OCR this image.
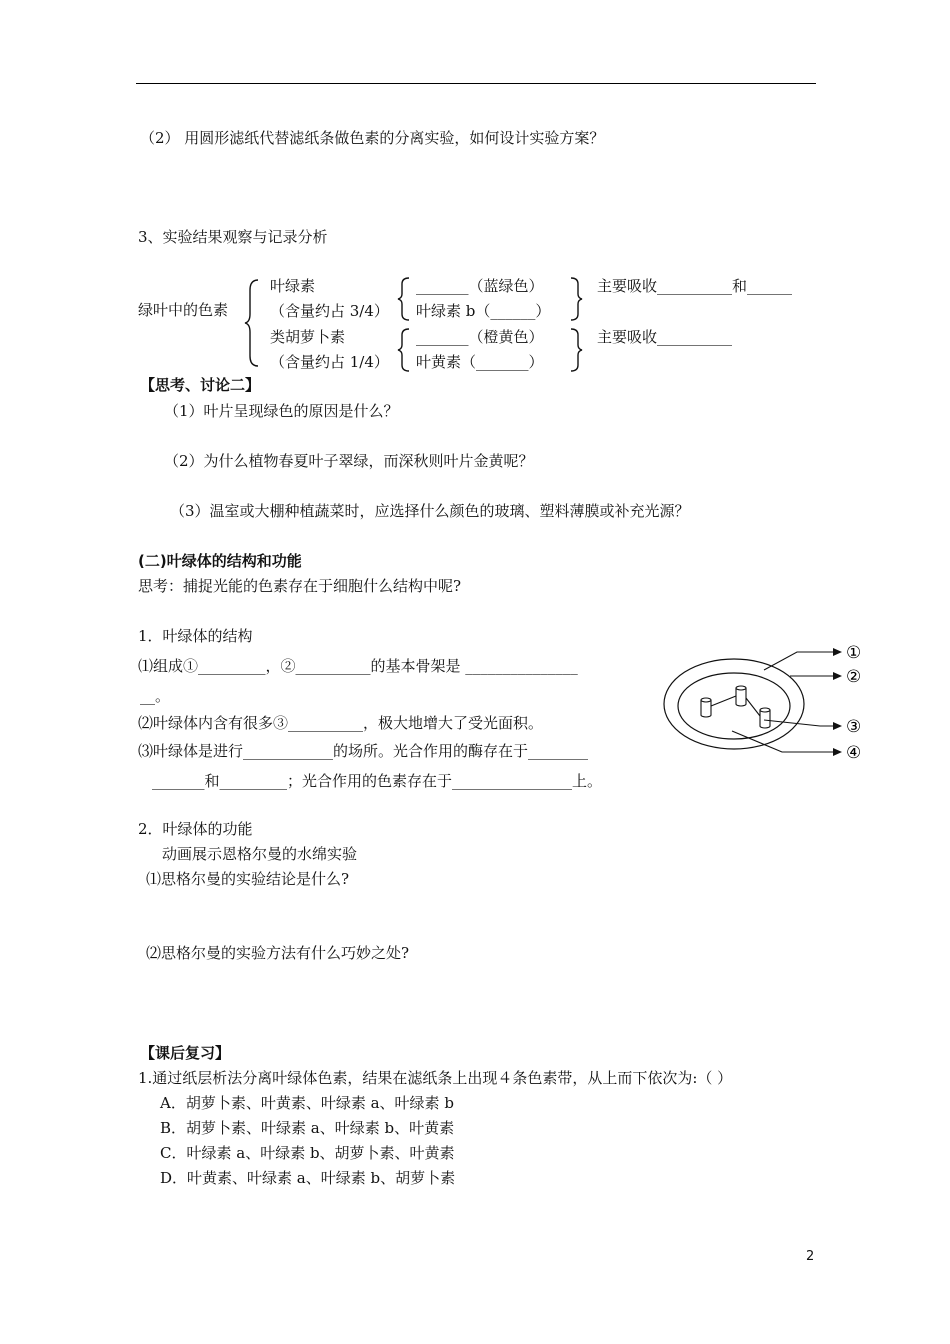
（2） 用圆形滤纸代替滤纸条做色素的分离实验，如何设计实验方案？
3、实验结果观察与记录分析
绿叶中的色素
叶绿素
（含量约占 3/4）
类胡萝卜素
（含量约占 1/4）
_______（蓝绿色）
叶绿素 b（______）
主要吸收__________和______
_______（橙黄色）
叶黄素（_______）
主要吸收__________
【思考、讨论二】
（1）叶片呈现绿色的原因是什么？
（2）为什么植物春夏叶子翠绿，而深秋则叶片金黄呢？
（3）温室或大棚种植蔬菜时，应选择什么颜色的玻璃、塑料薄膜或补充光源？
(二)叶绿体的结构和功能
思考：捕捉光能的色素存在于细胞什么结构中呢?
1．叶绿体的结构
⑴组成①_________，②__________的基本骨架是 _______________
__。
⑵叶绿体内含有很多③__________，极大地增大了受光面积。
⑶叶绿体是进行____________的场所。光合作用的酶存在于________
_______和_________；光合作用的色素存在于________________上。
①
②
③
④
2．叶绿体的功能
动画展示恩格尔曼的水绵实验
⑴思格尔曼的实验结论是什么?
⑵思格尔曼的实验方法有什么巧妙之处?
【课后复习】
1.通过纸层析法分离叶绿体色素，结果在滤纸条上出现４条色素带，从上而下依次为:（ ）
A．胡萝卜素、叶黄素、叶绿素 a、叶绿素 b
B．胡萝卜素、叶绿素 a、叶绿素 b、叶黄素
C．叶绿素 a、叶绿素 b、胡萝卜素、叶黄素
D．叶黄素、叶绿素 a、叶绿素 b、胡萝卜素
2
